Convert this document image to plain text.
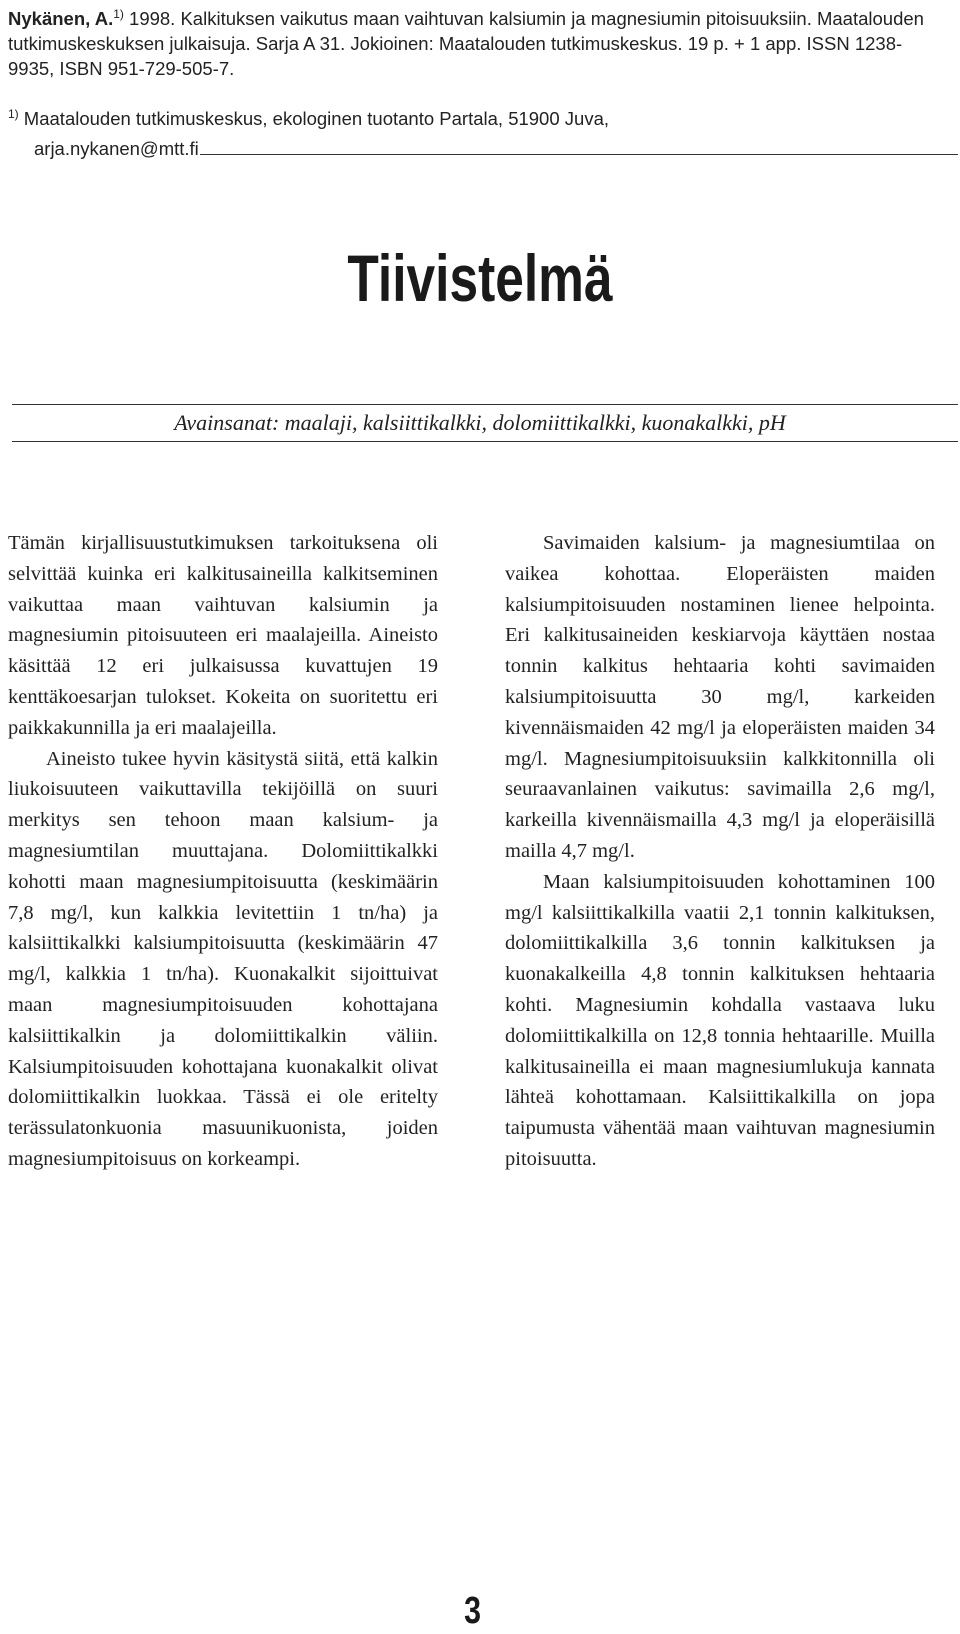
Nykänen, A.$^{1)}$ 1998. Kalkituksen vaikutus maan vaihtuvan kalsiumin ja magnesiumin pitoisuuksiin. Maatalouden tutkimuskeskuksen julkaisuja. Sarja A 31. Jokioinen: Maatalouden tutkimuskeskus. 19 p. + 1 app. ISSN 1238-9935, ISBN 951-729-505-7.
$^{1)}$ Maatalouden tutkimuskeskus, ekologinen tuotanto Partala, 51900 Juva,
arja.nykanen@mtt.fi
Tiivistelmä
Avainsanat: maalaji, kalsiittikalkki, dolomiittikalkki, kuonakalkki, pH

Tämän kirjallisuustutkimuksen tarkoituksena oli selvittää kuinka eri kalkitusaineilla kalkitseminen vaikuttaa maan vaihtuvan kalsiumin ja magnesiumin pitoisuuteen eri maalajeilla. Aineisto käsittää 12 eri julkaisussa kuvattujen 19 kenttäkoesarjan tulokset. Kokeita on suoritettu eri paikkakunnilla ja eri maalajeilla.

Aineisto tukee hyvin käsitystä siitä, että kalkin liukoisuuteen vaikuttavilla tekijöillä on suuri merkitys sen tehoon maan kalsium- ja magnesiumtilan muuttajana. Dolomiittikalkki kohotti maan magnesiumpitoisuutta (keskimäärin 7,8 mg/l, kun kalkkia levitettiin 1 tn/ha) ja kalsiittikalkki kalsiumpitoisuutta (keskimäärin 47 mg/l, kalkkia 1 tn/ha). Kuonakalkit sijoittuivat maan magnesiumpitoisuuden kohottajana kalsiittikalkin ja dolomiittikalkin väliin. Kalsiumpitoisuuden kohottajana kuonakalkit olivat dolomiittikalkin luokkaa. Tässä ei ole eritelty terässulatonkuonia masuunikuonista, joiden magnesiumpitoisuus on korkeampi.

Savimaiden kalsium- ja magnesiumtilaa on vaikea kohottaa. Eloperäisten maiden kalsiumpitoisuuden nostaminen lienee helpointa. Eri kalkitusaineiden keskiarvoja käyttäen nostaa tonnin kalkitus hehtaaria kohti savimaiden kalsiumpitoisuutta 30 mg/l, karkeiden kivennäismaiden 42 mg/l ja eloperäisten maiden 34 mg/l. Magnesiumpitoisuuksiin kalkkitonnilla oli seuraavanlainen vaikutus: savimailla 2,6 mg/l, karkeilla kivennäismailla 4,3 mg/l ja eloperäisillä mailla 4,7 mg/l.

Maan kalsiumpitoisuuden kohottaminen 100 mg/l kalsiittikalkilla vaatii 2,1 tonnin kalkituksen, dolomiittikalkilla 3,6 tonnin kalkituksen ja kuonakalkeilla 4,8 tonnin kalkituksen hehtaaria kohti. Magnesiumin kohdalla vastaava luku dolomiittikalkilla on 12,8 tonnia hehtaarille. Muilla kalkitusaineilla ei maan magnesiumlukuja kannata lähteä kohottamaan. Kalsiittikalkilla on jopa taipumusta vähentää maan vaihtuvan magnesiumin pitoisuutta.

3
